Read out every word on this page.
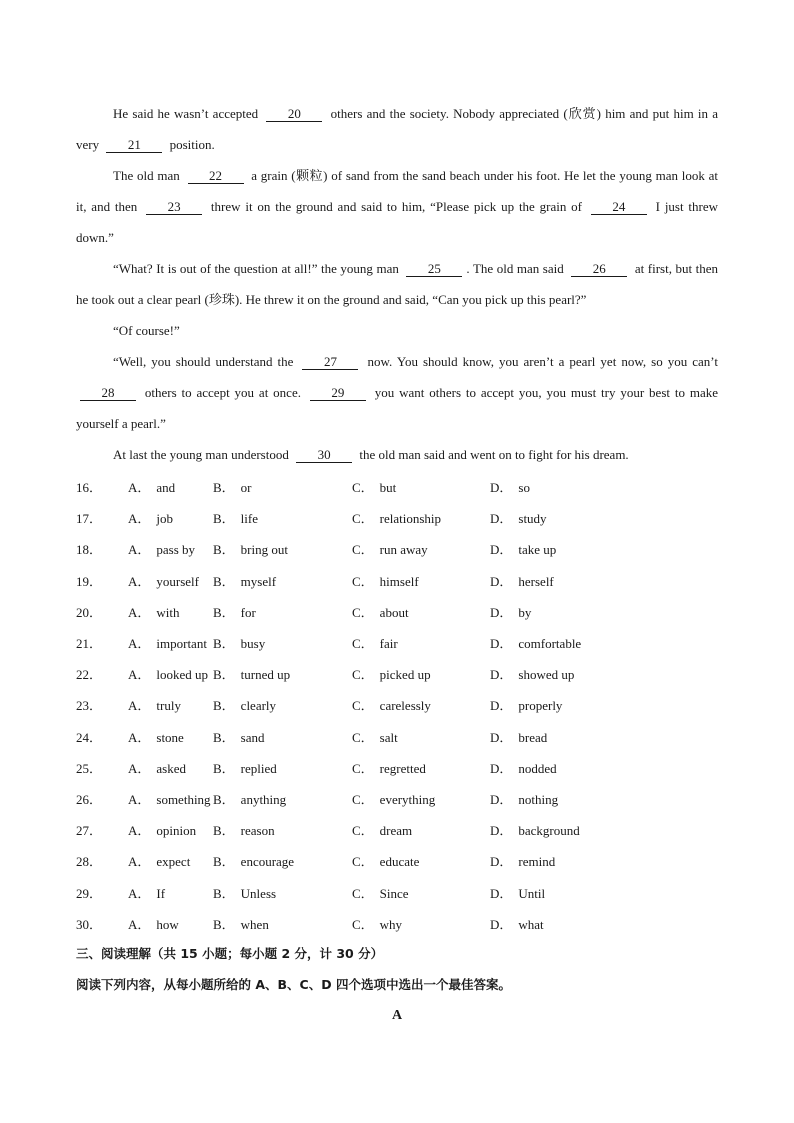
He said he wasn’t accepted 20 others and the society. Nobody appreciated (欣赏) him and put him in a very 21 position.

The old man 22 a grain (颗粒) of sand from the sand beach under his foot. He let the young man look at it, and then 23 threw it on the ground and said to him, “Please pick up the grain of 24 I just threw down.”

“What? It is out of the question at all!” the young man 25 . The old man said 26 at first, but then he took out a clear pearl (珍珠). He threw it on the ground and said, “Can you pick up this pearl?”

“Of course!”

“Well, you should understand the 27 now. You should know, you aren’t a pearl yet now, so you can’t 28 others to accept you at once. 29 you want others to accept you, you must try your best to make yourself a pearl.”

At last the young man understood 30 the old man said and went on to fight for his dream.

16．	A． and	B． or	C． but	D． so
17．	A． job	B． life	C． relationship	D． study
18．	A． pass by	B． bring out	C． run away	D． take up
19．	A． yourself	B． myself	C． himself	D． herself
20．	A． with	B． for	C． about	D． by
21．	A． important B． busy	C． fair	D． comfortable
22．	A． looked up B． turned up	C． picked up	D． showed up
23．	A． truly	B． clearly	C． carelessly	D． properly
24．	A． stone	B． sand	C． salt	D． bread
25．	A． asked	B． replied	C． regretted	D． nodded
26．	A． something B． anything	C． everything	D． nothing
27．	A． opinion	B． reason	C． dream	D． background
28．	A． expect	B． encourage	C． educate	D． remind
29．	A． If	B． Unless	C． Since	D． Until
30．	A． how	B． when	C． why	D． what
三、阅读理解（共 15 小题；每小题 2 分，计 30 分）
阅读下列内容，从每小题所给的 A、B、C、D 四个选项中选出一个最佳答案。
A
